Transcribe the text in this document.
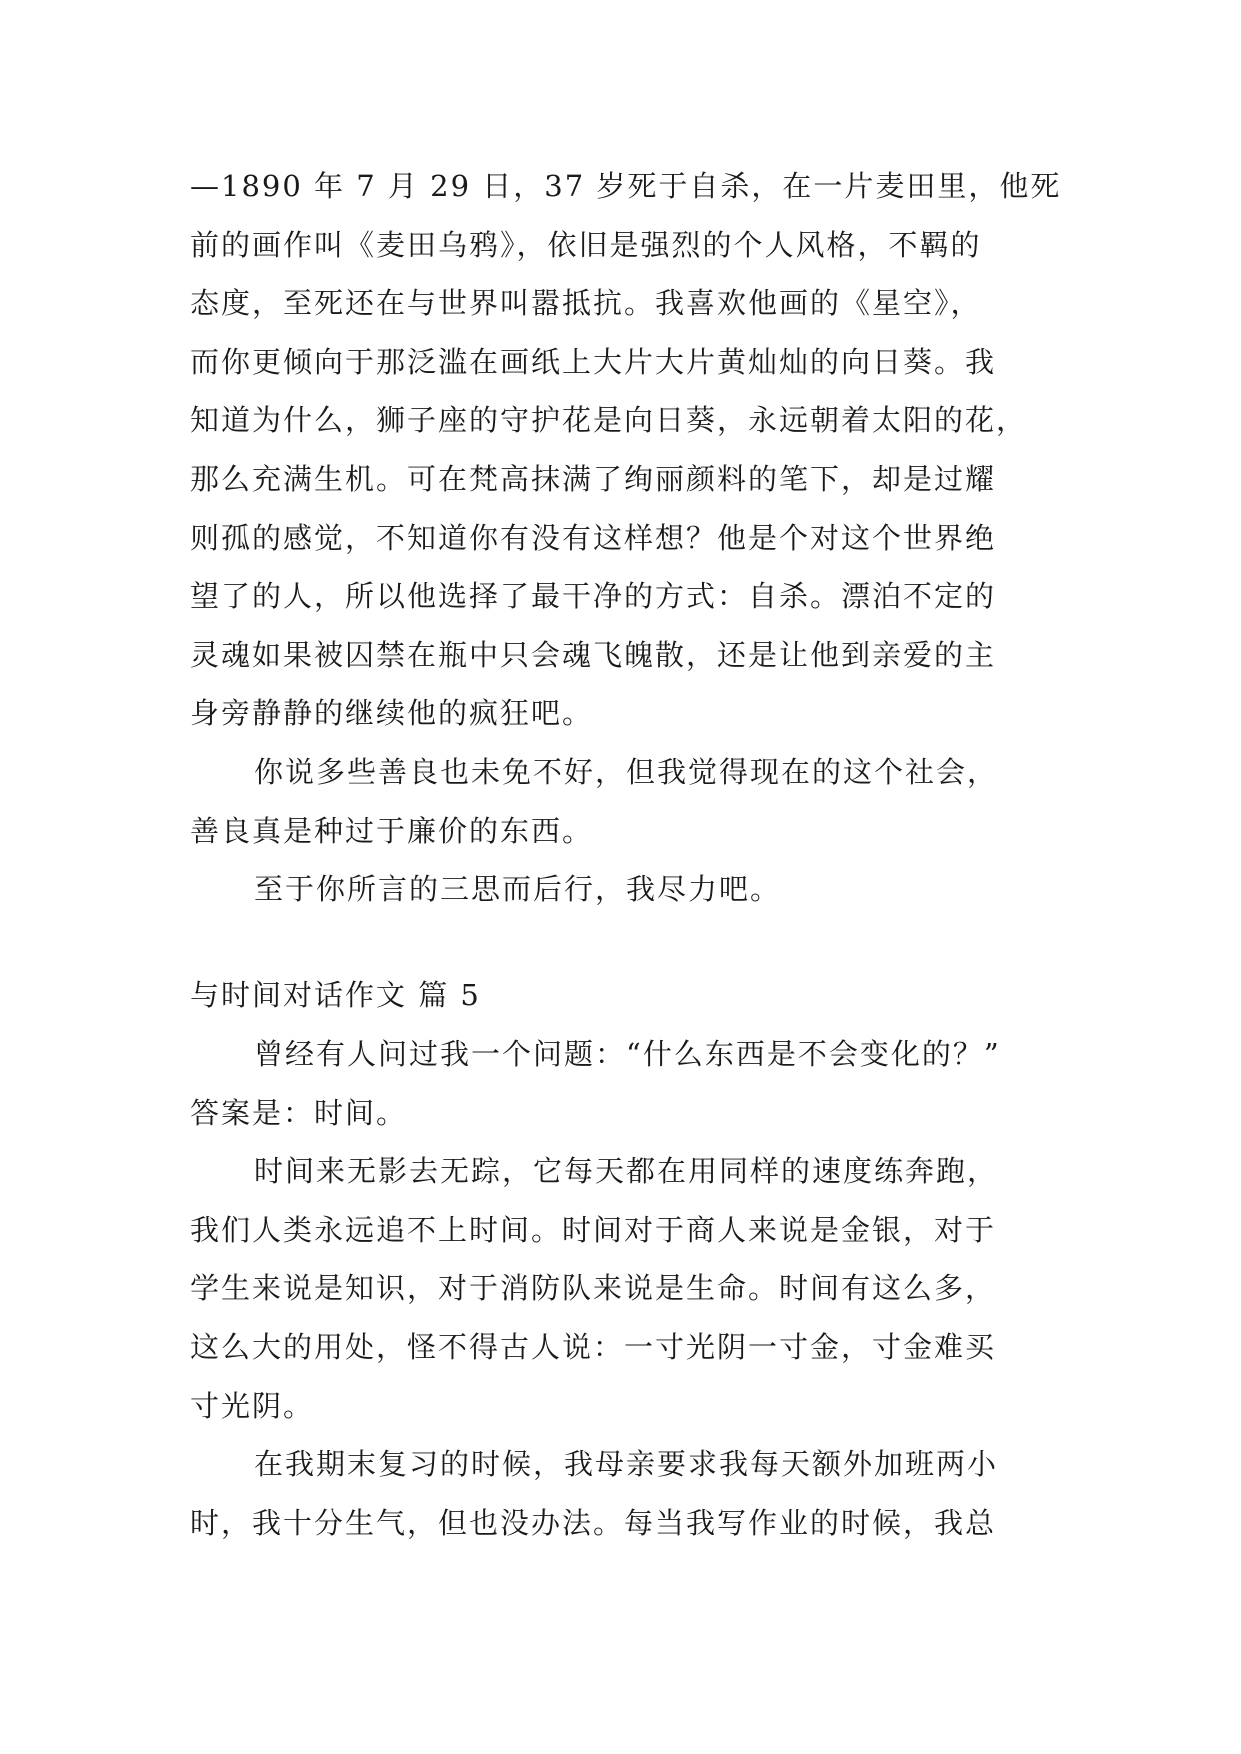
—1890 年 7 月 29 日，37 岁死于自杀，在一片麦田里，他死
前的画作叫《麦田乌鸦》，依旧是强烈的个人风格，不羁的
态度，至死还在与世界叫嚣抵抗。我喜欢他画的《星空》，
而你更倾向于那泛滥在画纸上大片大片黄灿灿的向日葵。我
知道为什么，狮子座的守护花是向日葵，永远朝着太阳的花，
那么充满生机。可在梵高抹满了绚丽颜料的笔下，却是过耀
则孤的感觉，不知道你有没有这样想？他是个对这个世界绝
望了的人，所以他选择了最干净的方式：自杀。漂泊不定的
灵魂如果被囚禁在瓶中只会魂飞魄散，还是让他到亲爱的主
身旁静静的继续他的疯狂吧。
你说多些善良也未免不好，但我觉得现在的这个社会，
善良真是种过于廉价的东西。
至于你所言的三思而后行，我尽力吧。
与时间对话作文 篇 5
曾经有人问过我一个问题：“什么东西是不会变化的？”
答案是：时间。
时间来无影去无踪，它每天都在用同样的速度练奔跑，
我们人类永远追不上时间。时间对于商人来说是金银，对于
学生来说是知识，对于消防队来说是生命。时间有这么多，
这么大的用处，怪不得古人说：一寸光阴一寸金，寸金难买
寸光阴。
在我期末复习的时候，我母亲要求我每天额外加班两小
时，我十分生气，但也没办法。每当我写作业的时候，我总
